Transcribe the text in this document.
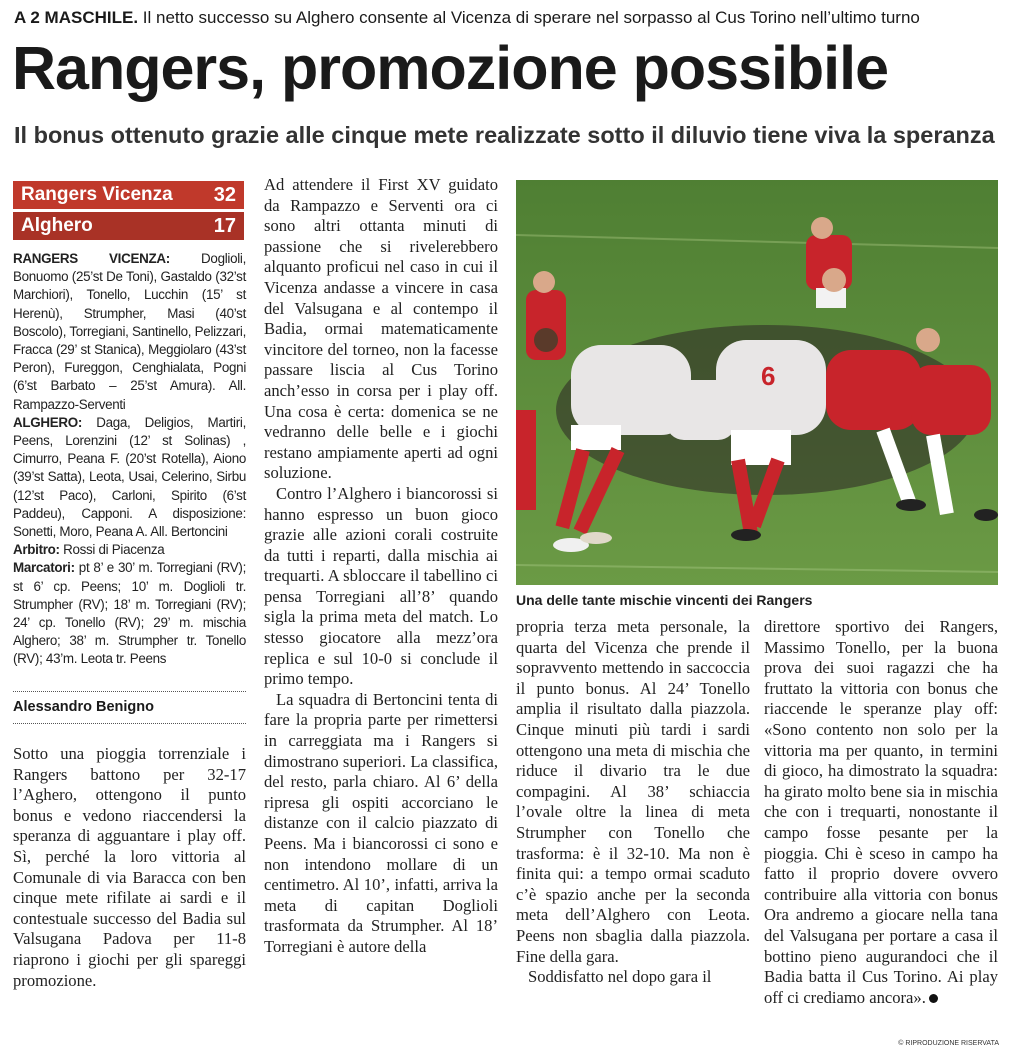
A 2 MASCHILE. Il netto successo su Alghero consente al Vicenza di sperare nel sorpasso al Cus Torino nell’ultimo turno
Rangers, promozione possibile
Il bonus ottenuto grazie alle cinque mete realizzate sotto il diluvio tiene viva la speranza
Rangers Vicenza 32
Alghero	17

RANGERS VICENZA: Doglioli, Bonuomo (25’st De Toni), Gastaldo (32’st Marchiori), Tonello, Lucchin (15’ st Herenù), Strumpher, Masi (40’st Boscolo), Torregiani, Santinello, Pelizzari, Fracca (29’ st Stanica), Meggiolaro (43’st Peron), Fureggon, Cenghialata, Pogni (6’st Barbato – 25’st Amura). All. Rampazzo-Serventi

ALGHERO: Daga, Deligios, Martiri, Peens, Lorenzini (12’ st Solinas) , Cimurro, Peana F. (20’st Rotella), Aiono (39’st Satta), Leota, Usai, Celerino, Sirbu (12’st Paco), Carloni, Spirito (6’st Paddeu), Capponi. A disposizione: Sonetti, Moro, Peana A. All. Bertoncini

Arbitro: Rossi di Piacenza

Marcatori: pt 8’ e 30’ m. Torregiani (RV); st 6’ cp. Peens; 10’ m. Doglioli tr. Strumpher (RV); 18’ m. Torregiani (RV); 24’ cp. Tonello (RV); 29’ m. mischia Alghero; 38’ m. Strumpher tr. Tonello (RV); 43’m. Leota tr. Peens

Alessandro Benigno

Sotto una pioggia torrenziale i Rangers battono per 32-17 l’Aghero, ottengono il punto bonus e vedono riaccendersi la speranza di agguantare i play off. Sì, perché la loro vittoria al Comunale di via Baracca con ben cinque mete rifilate ai sardi e il contestuale successo del Badia sul Valsugana Padova per 11-8 riaprono i giochi per gli spareggi promozione.

Ad attendere il First XV guidato da Rampazzo e Serventi ora ci sono altri ottanta minuti di passione che si rivelerebbero alquanto proficui nel caso in cui il Vicenza andasse a vincere in casa del Valsugana e al contempo il Badia, ormai matematicamente vincitore del torneo, non la facesse passare liscia al Cus Torino anch’esso in corsa per i play off. Una cosa è certa: domenica se ne vedranno delle belle e i giochi restano ampiamente aperti ad ogni soluzione.

Contro l’Alghero i biancorossi si hanno espresso un buon gioco grazie alle azioni corali costruite da tutti i reparti, dalla mischia ai trequarti. A sbloccare il tabellino ci pensa Torregiani all’8’ quando sigla la prima meta del match. Lo stesso giocatore alla mezz’ora replica e sul 10-0 si conclude il primo tempo.

La squadra di Bertoncini tenta di fare la propria parte per rimettersi in carreggiata ma i Rangers si dimostrano superiori. La classifica, del resto, parla chiaro. Al 6’ della ripresa gli ospiti accorciano le distanze con il calcio piazzato di Peens. Ma i biancorossi ci sono e non intendono mollare di un centimetro. Al 10’, infatti, arriva la meta di capitan Doglioli trasformata da Strumpher. Al 18’ Torregiani è autore della

6
Una delle tante mischie vincenti dei Rangers

propria terza meta personale, la quarta del Vicenza che prende il sopravvento mettendo in saccoccia il punto bonus. Al 24’ Tonello amplia il risultato dalla piazzola. Cinque minuti più tardi i sardi ottengono una meta di mischia che riduce il divario tra le due compagini. Al 38’ schiaccia l’ovale oltre la linea di meta Strumpher con Tonello che trasforma: è il 32-10. Ma non è finita qui: a tempo ormai scaduto c’è spazio anche per la seconda meta dell’Alghero con Leota. Peens non sbaglia dalla piazzola. Fine della gara.

Soddisfatto nel dopo gara il

direttore sportivo dei Rangers, Massimo Tonello, per la buona prova dei suoi ragazzi che ha fruttato la vittoria con bonus che riaccende le speranze play off: «Sono contento non solo per la vittoria ma per quanto, in termini di gioco, ha dimostrato la squadra: ha girato molto bene sia in mischia che con i trequarti, nonostante il campo fosse pesante per la pioggia. Chi è sceso in campo ha fatto il proprio dovere ovvero contribuire alla vittoria con bonus Ora andremo a giocare nella tana del Valsugana per portare a casa il bottino pieno augurandoci che il Badia batta il Cus Torino. Ai play off ci crediamo ancora».

© RIPRODUZIONE RISERVATA
